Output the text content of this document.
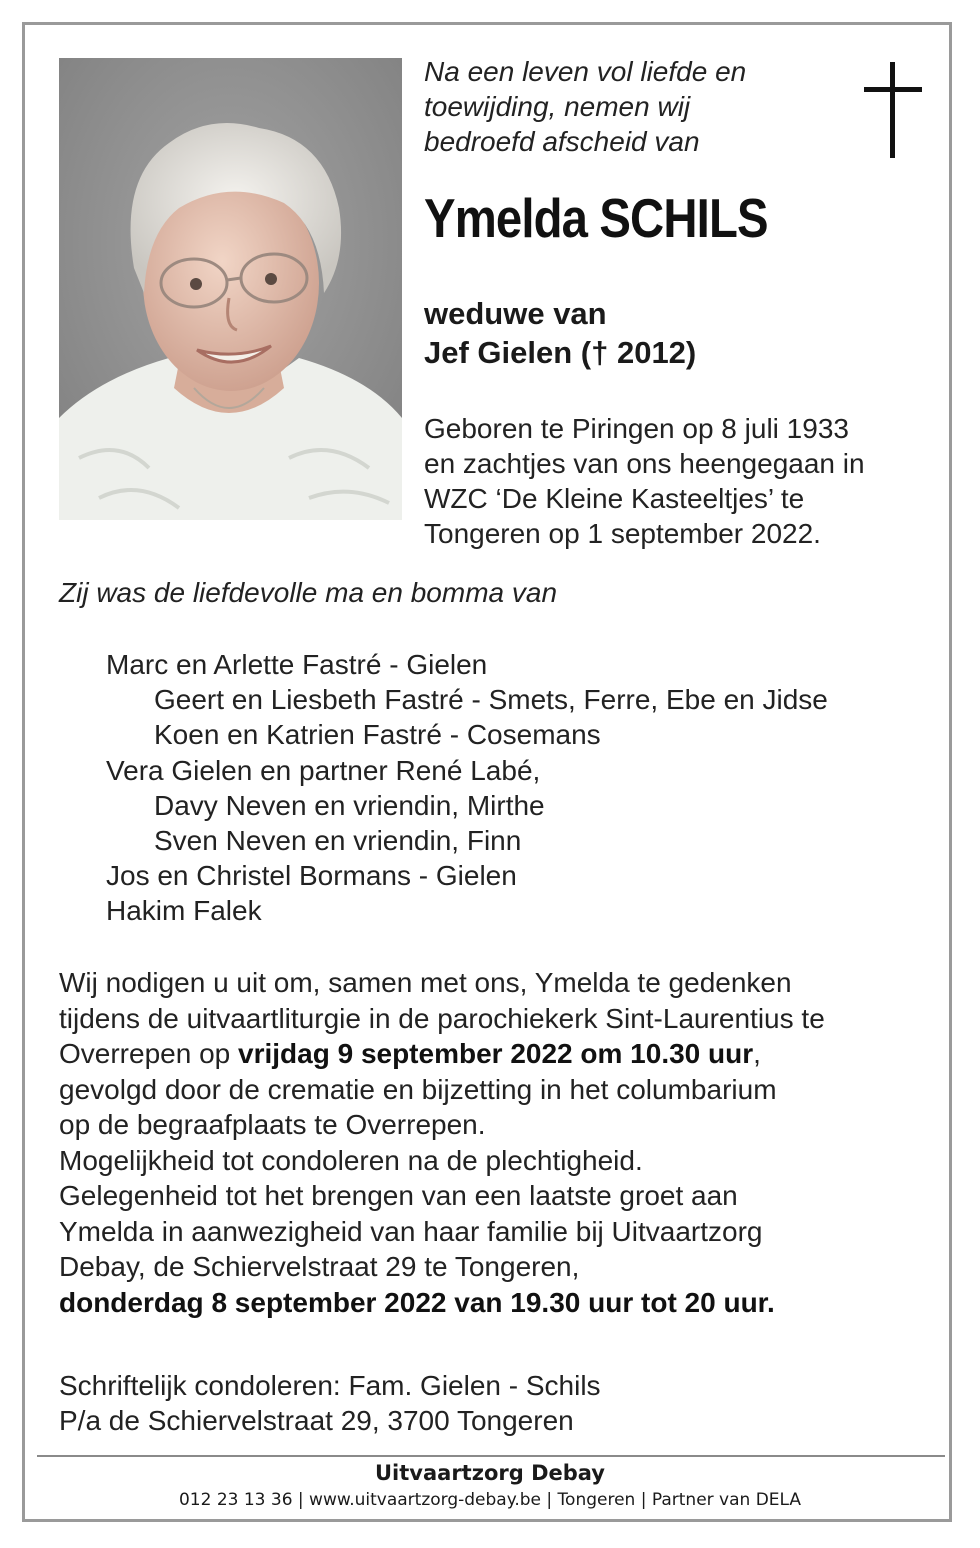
Na een leven vol liefde en
toewijding, nemen wij
bedroefd afscheid van
Ymelda SCHILS
weduwe van
Jef Gielen († 2012)
Geboren te Piringen op 8 juli 1933
en zachtjes van ons heengegaan in
WZC ‘De Kleine Kasteeltjes’ te
Tongeren op 1 september 2022.
Zij was de liefdevolle ma en bomma van
Marc en Arlette Fastré - Gielen
Geert en Liesbeth Fastré - Smets, Ferre, Ebe en Jidse
Koen en Katrien Fastré - Cosemans
Vera Gielen en partner René Labé,
Davy Neven en vriendin, Mirthe
Sven Neven en vriendin, Finn
Jos en Christel Bormans - Gielen
Hakim Falek
Wij nodigen u uit om, samen met ons, Ymelda te gedenken
tijdens de uitvaartliturgie in de parochiekerk Sint-Laurentius te
Overrepen op vrijdag 9 september 2022 om 10.30 uur,
gevolgd door de crematie en bijzetting in het columbarium
op de begraafplaats te Overrepen.
Mogelijkheid tot condoleren na de plechtigheid.
Gelegenheid tot het brengen van een laatste groet aan
Ymelda in aanwezigheid van haar familie bij Uitvaartzorg
Debay, de Schiervelstraat 29 te Tongeren,
donderdag 8 september 2022 van 19.30 uur tot 20 uur.
Schriftelijk condoleren: Fam. Gielen - Schils
P/a de Schiervelstraat 29, 3700 Tongeren
Uitvaartzorg Debay
012 23 13 36 | www.uitvaartzorg-debay.be | Tongeren | Partner van DELA
